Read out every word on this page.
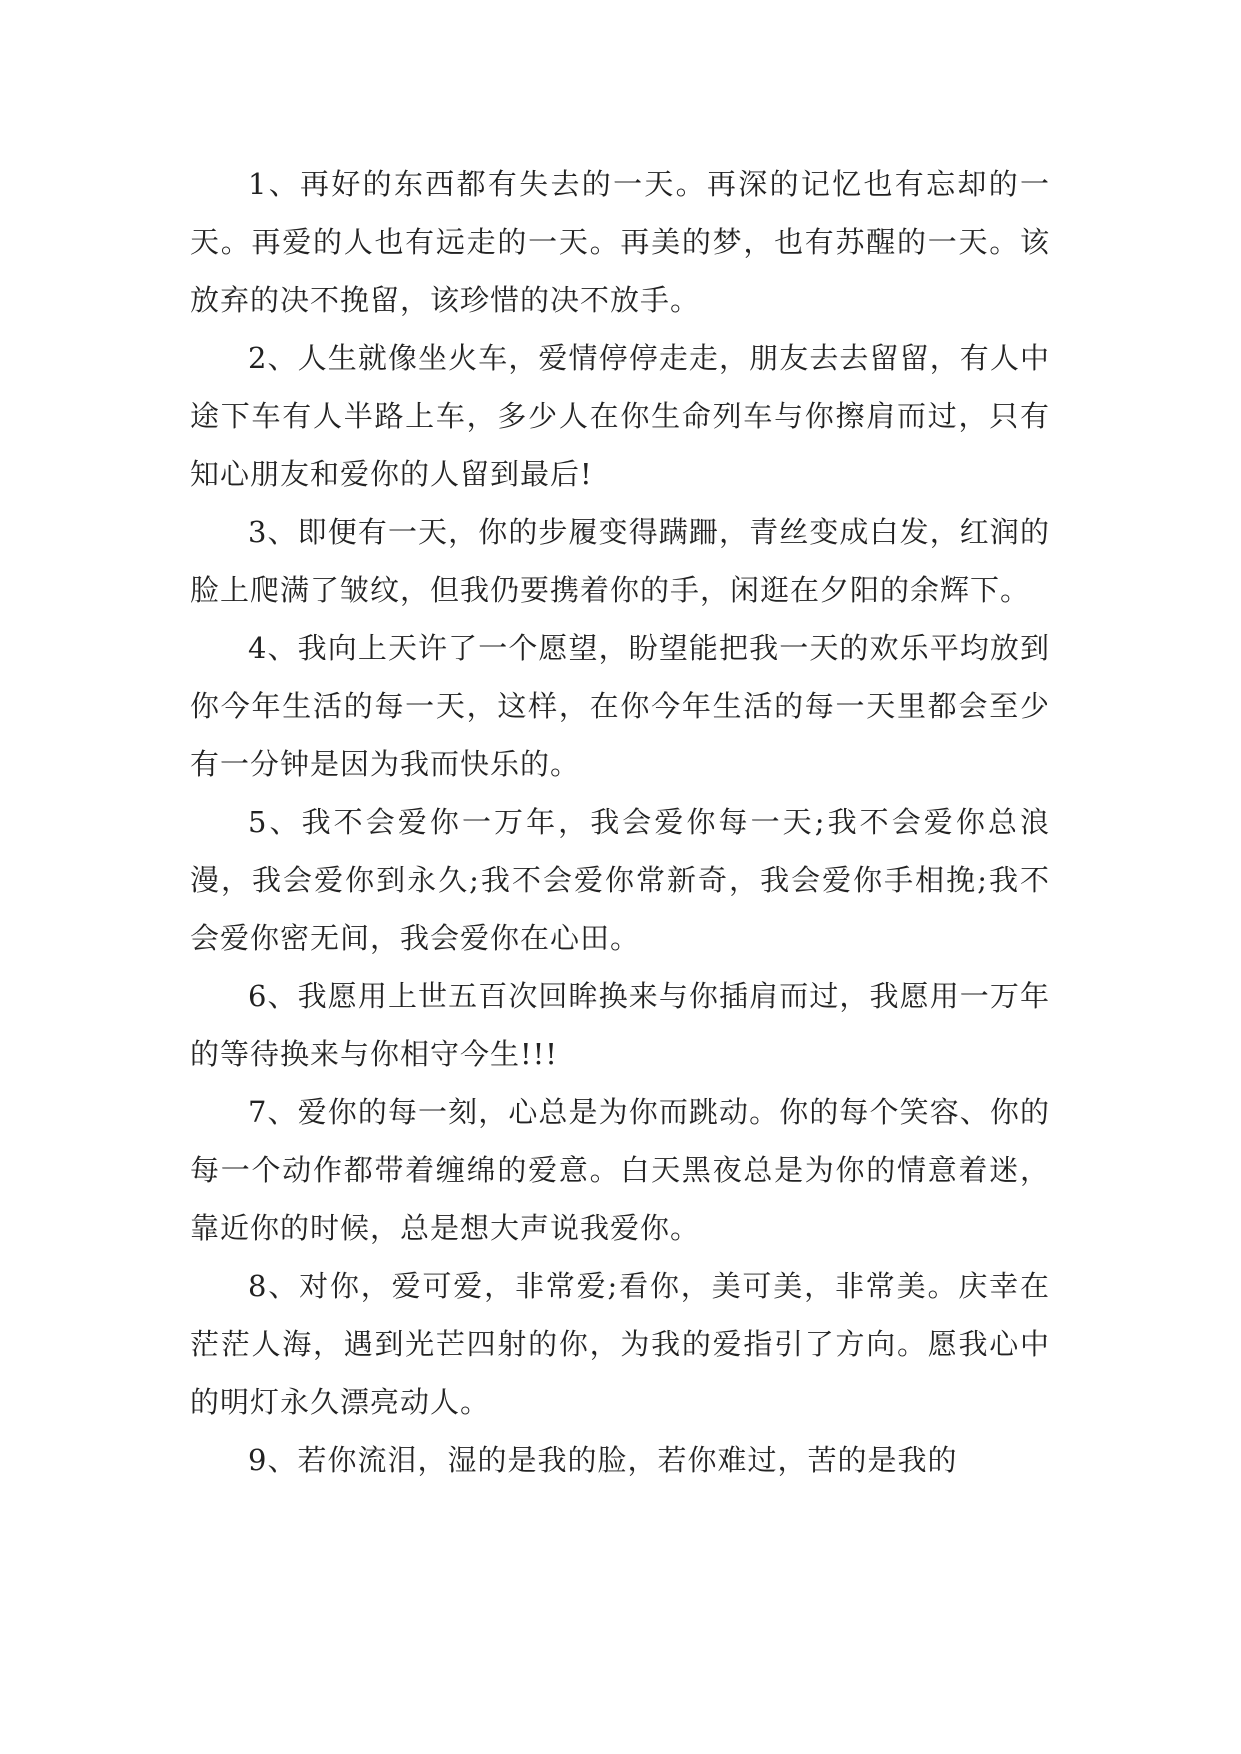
1、再好的东西都有失去的一天。再深的记忆也有忘却的一天。再爱的人也有远走的一天。再美的梦，也有苏醒的一天。该放弃的决不挽留，该珍惜的决不放手。

2、人生就像坐火车，爱情停停走走，朋友去去留留，有人中途下车有人半路上车，多少人在你生命列车与你擦肩而过，只有知心朋友和爱你的人留到最后!

3、即便有一天，你的步履变得蹒跚，青丝变成白发，红润的脸上爬满了皱纹，但我仍要携着你的手，闲逛在夕阳的余辉下。

4、我向上天许了一个愿望，盼望能把我一天的欢乐平均放到你今年生活的每一天，这样，在你今年生活的每一天里都会至少有一分钟是因为我而快乐的。

5、我不会爱你一万年，我会爱你每一天;我不会爱你总浪漫，我会爱你到永久;我不会爱你常新奇，我会爱你手相挽;我不会爱你密无间，我会爱你在心田。

6、我愿用上世五百次回眸换来与你插肩而过，我愿用一万年的等待换来与你相守今生!!!

7、爱你的每一刻，心总是为你而跳动。你的每个笑容、你的每一个动作都带着缠绵的爱意。白天黑夜总是为你的情意着迷，靠近你的时候，总是想大声说我爱你。

8、对你，爱可爱，非常爱;看你，美可美，非常美。庆幸在茫茫人海，遇到光芒四射的你，为我的爱指引了方向。愿我心中的明灯永久漂亮动人。

9、若你流泪，湿的是我的脸，若你难过，苦的是我的
